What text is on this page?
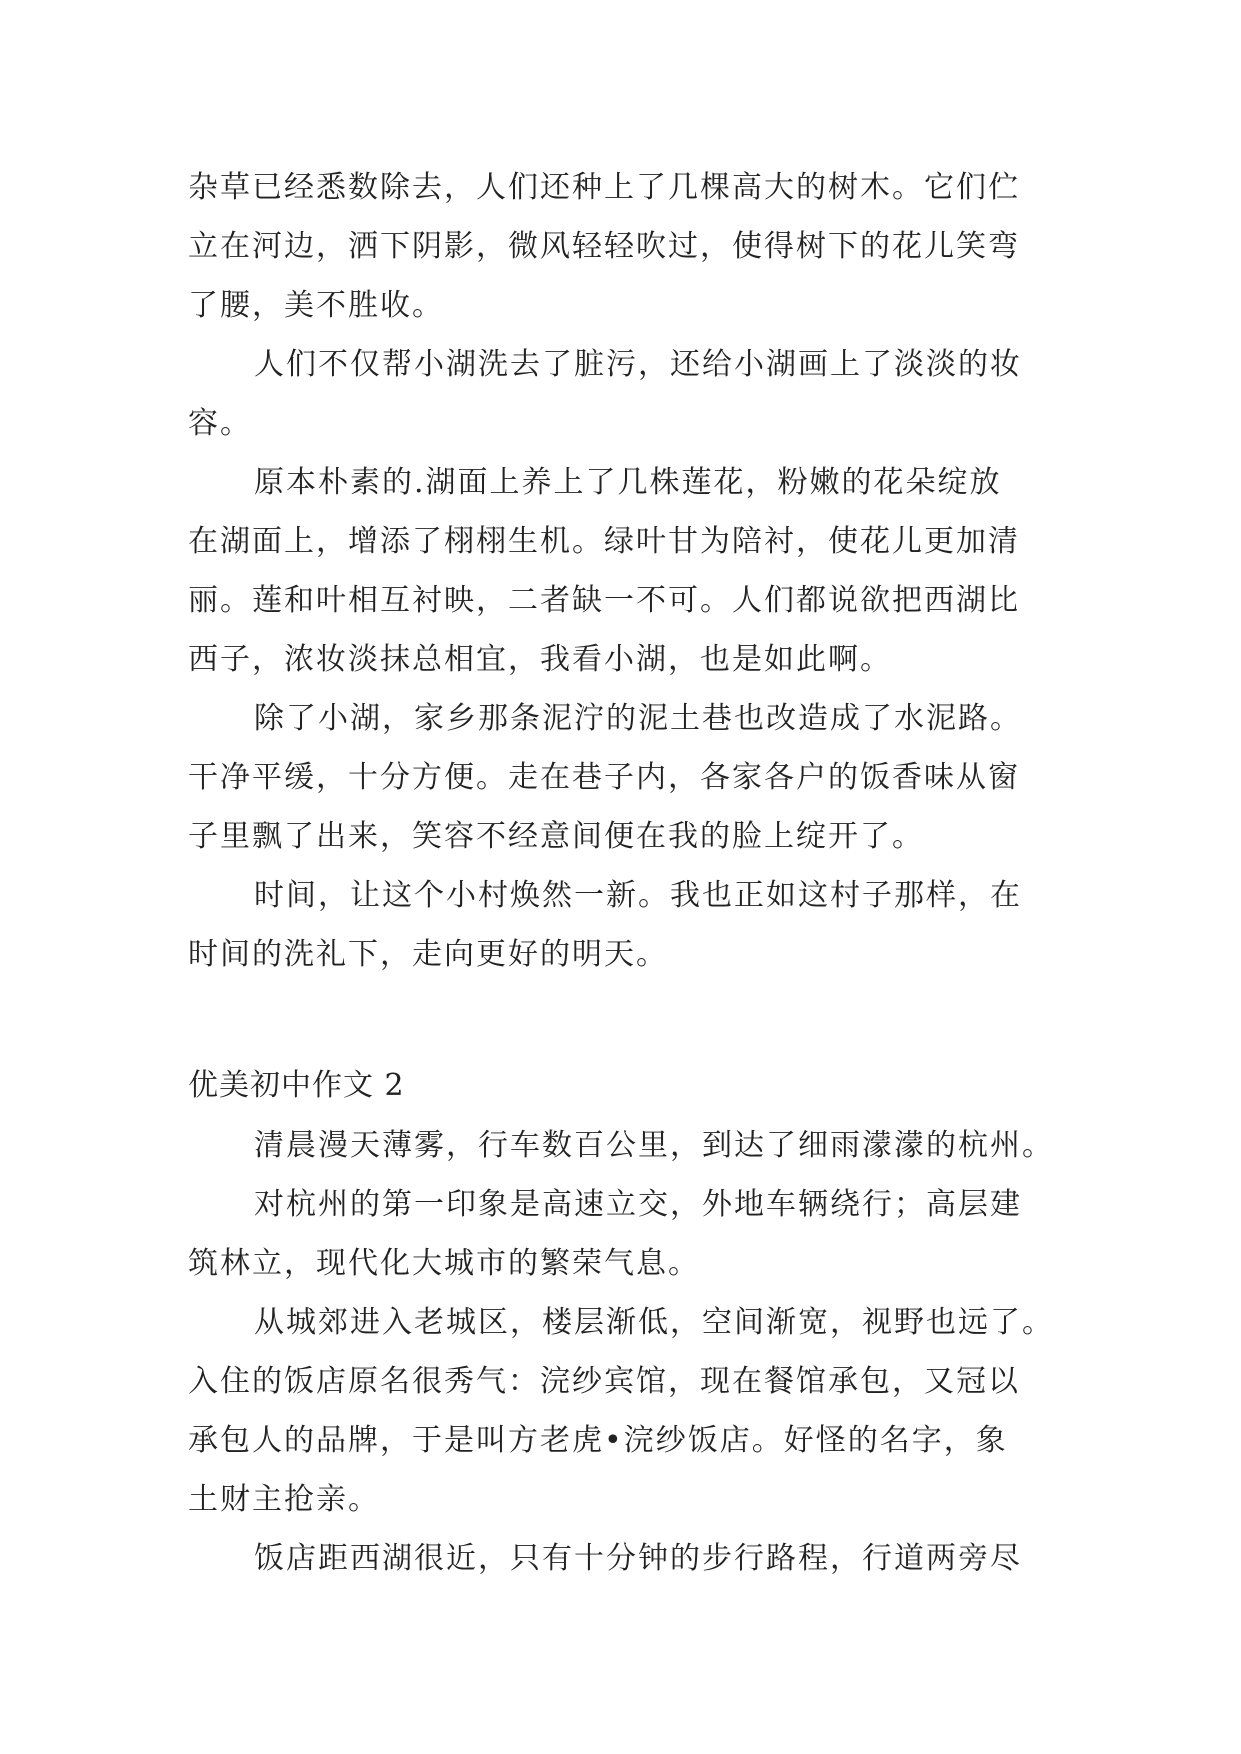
杂草已经悉数除去，人们还种上了几棵高大的树木。它们伫
立在河边，洒下阴影，微风轻轻吹过，使得树下的花儿笑弯
了腰，美不胜收。
人们不仅帮小湖洗去了脏污，还给小湖画上了淡淡的妆
容。
原本朴素的.湖面上养上了几株莲花，粉嫩的花朵绽放
在湖面上，增添了栩栩生机。绿叶甘为陪衬，使花儿更加清
丽。莲和叶相互衬映，二者缺一不可。人们都说欲把西湖比
西子，浓妆淡抹总相宜，我看小湖，也是如此啊。
除了小湖，家乡那条泥泞的泥土巷也改造成了水泥路。
干净平缓，十分方便。走在巷子内，各家各户的饭香味从窗
子里飘了出来，笑容不经意间便在我的脸上绽开了。
时间，让这个小村焕然一新。我也正如这村子那样，在
时间的洗礼下，走向更好的明天。
优美初中作文 2
清晨漫天薄雾，行车数百公里，到达了细雨濛濛的杭州。
对杭州的第一印象是高速立交，外地车辆绕行；高层建
筑林立，现代化大城市的繁荣气息。
从城郊进入老城区，楼层渐低，空间渐宽，视野也远了。
入住的饭店原名很秀气：浣纱宾馆，现在餐馆承包，又冠以
承包人的品牌，于是叫方老虎•浣纱饭店。好怪的名字，象
土财主抢亲。
饭店距西湖很近，只有十分钟的步行路程，行道两旁尽
